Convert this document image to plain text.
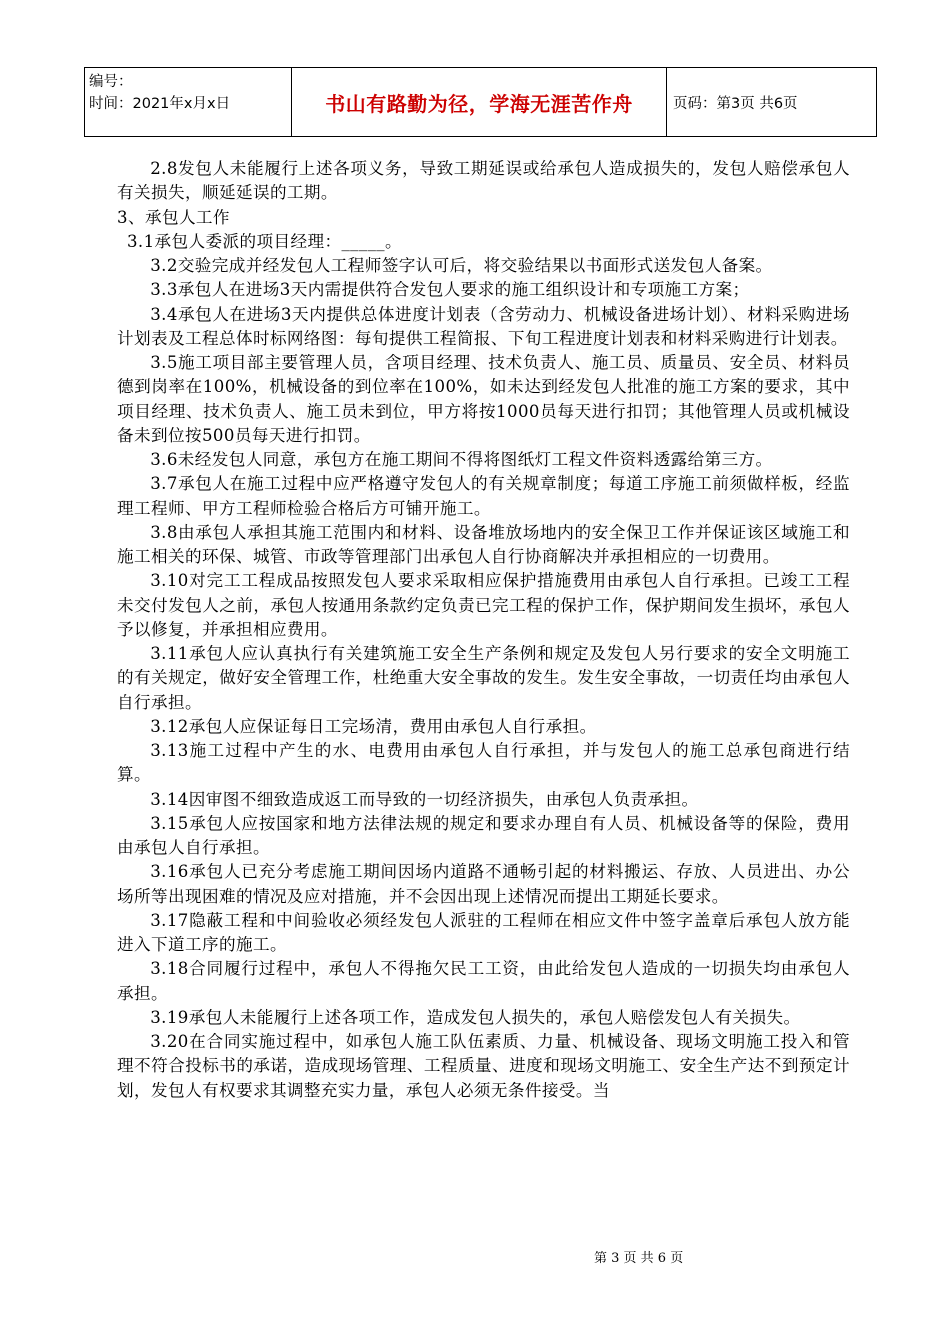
编号：
时间：2021年x月x日	书山有路勤为径，学海无涯苦作舟	页码：第3页 共6页

2.8发包人未能履行上述各项义务，导致工期延误或给承包人造成损失的，发包人赔偿承包人有关损失，顺延延误的工期。

3、承包人工作

3.1承包人委派的项目经理：_____。

3.2交验完成并经发包人工程师签字认可后，将交验结果以书面形式送发包人备案。

3.3承包人在进场3天内需提供符合发包人要求的施工组织设计和专项施工方案；

3.4承包人在进场3天内提供总体进度计划表（含劳动力、机械设备进场计划）、材料采购进场计划表及工程总体时标网络图：每旬提供工程简报、下旬工程进度计划表和材料采购进行计划表。

3.5施工项目部主要管理人员，含项目经理、技术负责人、施工员、质量员、安全员、材料员德到岗率在100%，机械设备的到位率在100%，如未达到经发包人批准的施工方案的要求，其中项目经理、技术负责人、施工员未到位，甲方将按1000员每天进行扣罚；其他管理人员或机械设备未到位按500员每天进行扣罚。

3.6未经发包人同意，承包方在施工期间不得将图纸灯工程文件资料透露给第三方。

3.7承包人在施工过程中应严格遵守发包人的有关规章制度；每道工序施工前须做样板，经监理工程师、甲方工程师检验合格后方可铺开施工。

3.8由承包人承担其施工范围内和材料、设备堆放场地内的安全保卫工作并保证该区域施工和施工相关的环保、城管、市政等管理部门出承包人自行协商解决并承担相应的一切费用。

3.10对完工工程成品按照发包人要求采取相应保护措施费用由承包人自行承担。已竣工工程未交付发包人之前，承包人按通用条款约定负责已完工程的保护工作，保护期间发生损坏，承包人予以修复，并承担相应费用。

3.11承包人应认真执行有关建筑施工安全生产条例和规定及发包人另行要求的安全文明施工的有关规定，做好安全管理工作，杜绝重大安全事故的发生。发生安全事故，一切责任均由承包人自行承担。

3.12承包人应保证每日工完场清，费用由承包人自行承担。

3.13施工过程中产生的水、电费用由承包人自行承担，并与发包人的施工总承包商进行结算。

3.14因审图不细致造成返工而导致的一切经济损失，由承包人负责承担。

3.15承包人应按国家和地方法律法规的规定和要求办理自有人员、机械设备等的保险，费用由承包人自行承担。

3.16承包人已充分考虑施工期间因场内道路不通畅引起的材料搬运、存放、人员进出、办公场所等出现困难的情况及应对措施，并不会因出现上述情况而提出工期延长要求。

3.17隐蔽工程和中间验收必须经发包人派驻的工程师在相应文件中签字盖章后承包人放方能进入下道工序的施工。

3.18合同履行过程中，承包人不得拖欠民工工资，由此给发包人造成的一切损失均由承包人承担。

3.19承包人未能履行上述各项工作，造成发包人损失的，承包人赔偿发包人有关损失。

3.20在合同实施过程中，如承包人施工队伍素质、力量、机械设备、现场文明施工投入和管理不符合投标书的承诺，造成现场管理、工程质量、进度和现场文明施工、安全生产达不到预定计划，发包人有权要求其调整充实力量，承包人必须无条件接受。当

第 3 页 共 6 页
